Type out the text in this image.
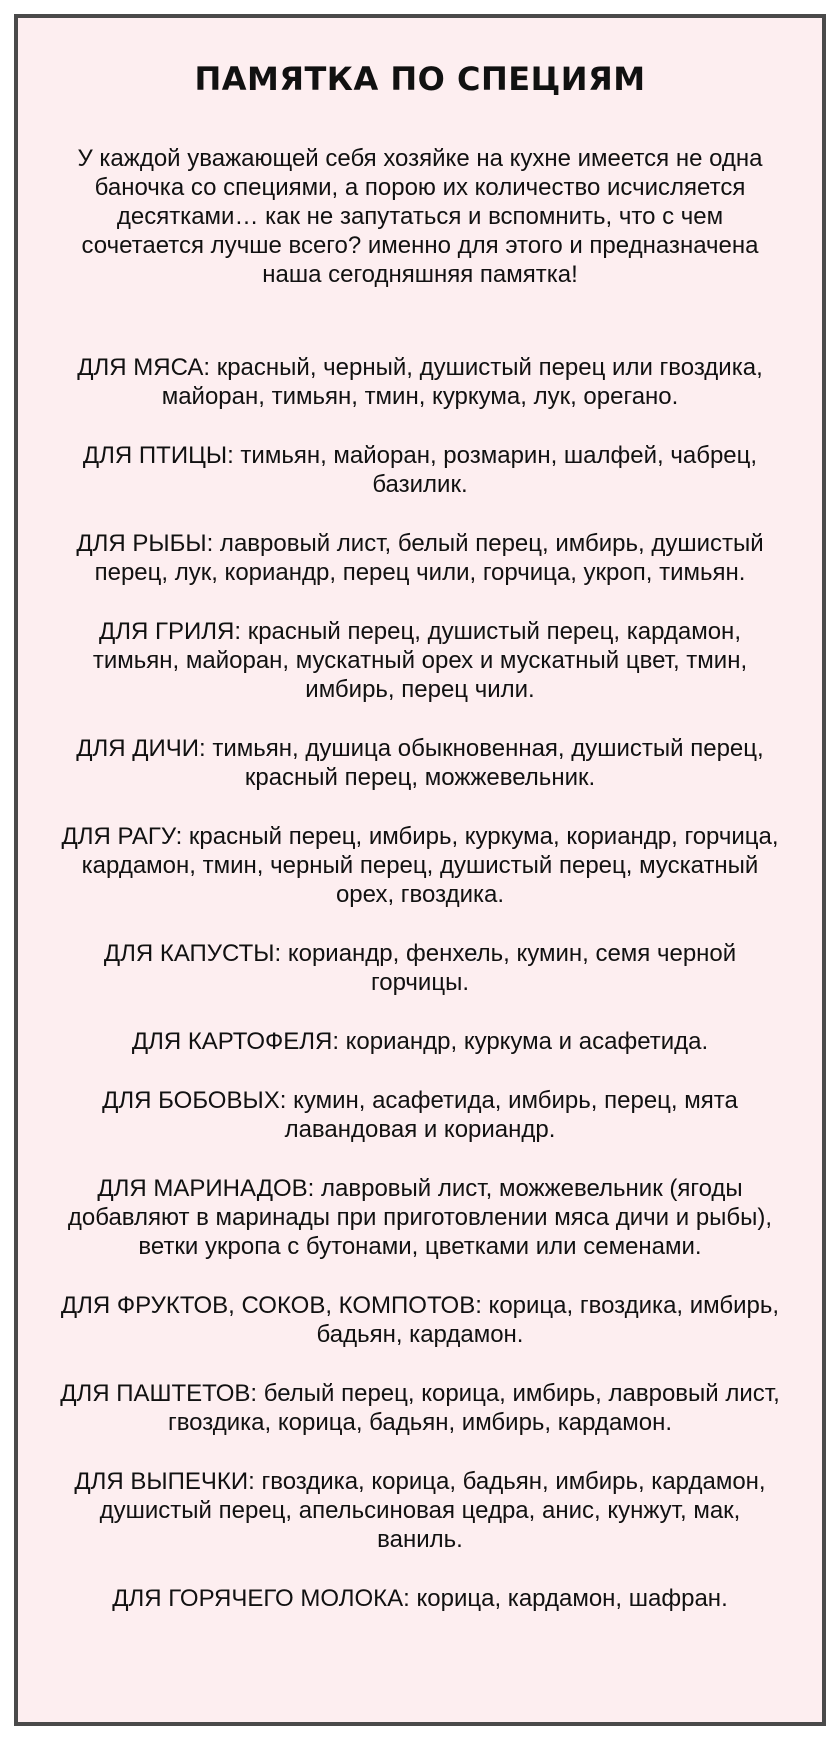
ПАМЯТКА ПО СПЕЦИЯМ

У каждой уважающей себя хозяйке на кухне имеется не одна баночка со специями, а порою их количество исчисляется десятками… как не запутаться и вспомнить, что с чем сочетается лучше всего? именно для этого и предназначена наша сегодняшняя памятка!

ДЛЯ МЯСА: красный, черный, душистый перец или гвоздика, майоран, тимьян, тмин, куркума, лук, орегано.
ДЛЯ ПТИЦЫ: тимьян, майоран, розмарин, шалфей, чабрец, базилик.
ДЛЯ РЫБЫ: лавровый лист, белый перец, имбирь, душистый перец, лук, кориандр, перец чили, горчица, укроп, тимьян.
ДЛЯ ГРИЛЯ: красный перец, душистый перец, кардамон, тимьян, майоран, мускатный орех и мускатный цвет, тмин, имбирь, перец чили.
ДЛЯ ДИЧИ: тимьян, душица обыкновенная, душистый перец, красный перец, можжевельник.
ДЛЯ РАГУ: красный перец, имбирь, куркума, кориандр, горчица, кардамон, тмин, черный перец, душистый перец, мускатный орех, гвоздика.
ДЛЯ КАПУСТЫ: кориандр, фенхель, кумин, семя черной горчицы.
ДЛЯ КАРТОФЕЛЯ: кориандр, куркума и асафетида.
ДЛЯ БОБОВЫХ: кумин, асафетида, имбирь, перец, мята лавандовая и кориандр.
ДЛЯ МАРИНАДОВ: лавровый лист, можжевельник (ягоды добавляют в маринады при приготовлении мяса дичи и рыбы), ветки укропа с бутонами, цветками или семенами.
ДЛЯ ФРУКТОВ, СОКОВ, КОМПОТОВ: корица, гвоздика, имбирь, бадьян, кардамон.
ДЛЯ ПАШТЕТОВ: белый перец, корица, имбирь, лавровый лист, гвоздика, корица, бадьян, имбирь, кардамон.
ДЛЯ ВЫПЕЧКИ: гвоздика, корица, бадьян, имбирь, кардамон, душистый перец, апельсиновая цедра, анис, кунжут, мак, ваниль.
ДЛЯ ГОРЯЧЕГО МОЛОКА: корица, кардамон, шафран.
